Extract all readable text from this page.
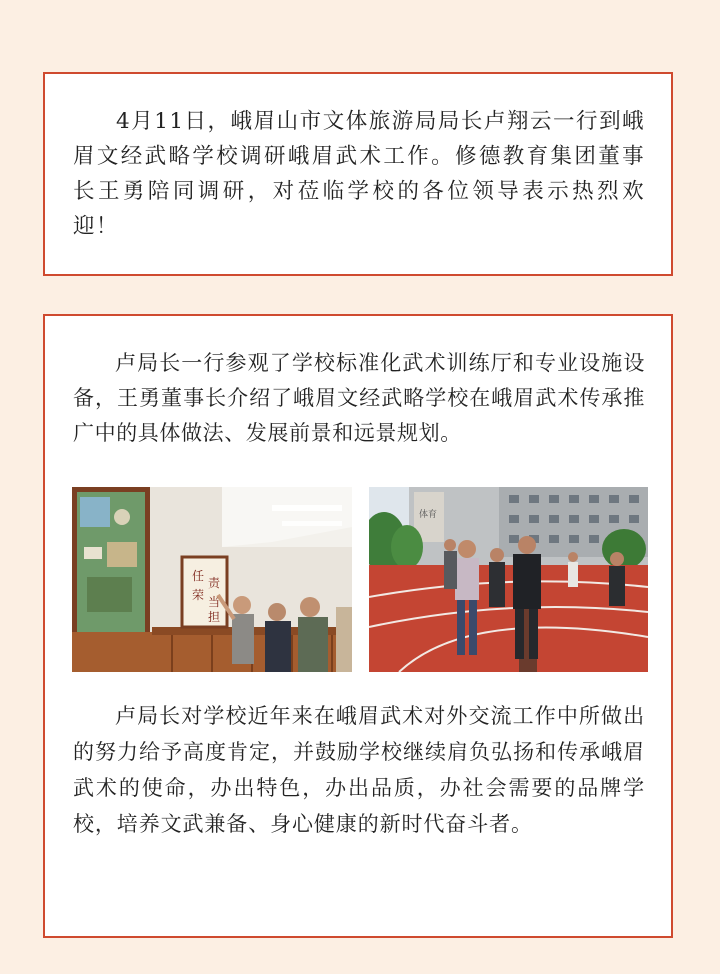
4月11日，峨眉山市文体旅游局局长卢翔云一行到峨眉文经武略学校调研峨眉武术工作。修德教育集团董事长王勇陪同调研，对莅临学校的各位领导表示热烈欢迎！

卢局长一行参观了学校标准化武术训练厅和专业设施设备，王勇董事长介绍了峨眉文经武略学校在峨眉武术传承推广中的具体做法、发展前景和远景规划。

任
荣
责
当
担
体育

卢局长对学校近年来在峨眉武术对外交流工作中所做出的努力给予高度肯定，并鼓励学校继续肩负弘扬和传承峨眉武术的使命，办出特色，办出品质，办社会需要的品牌学校，培养文武兼备、身心健康的新时代奋斗者。
